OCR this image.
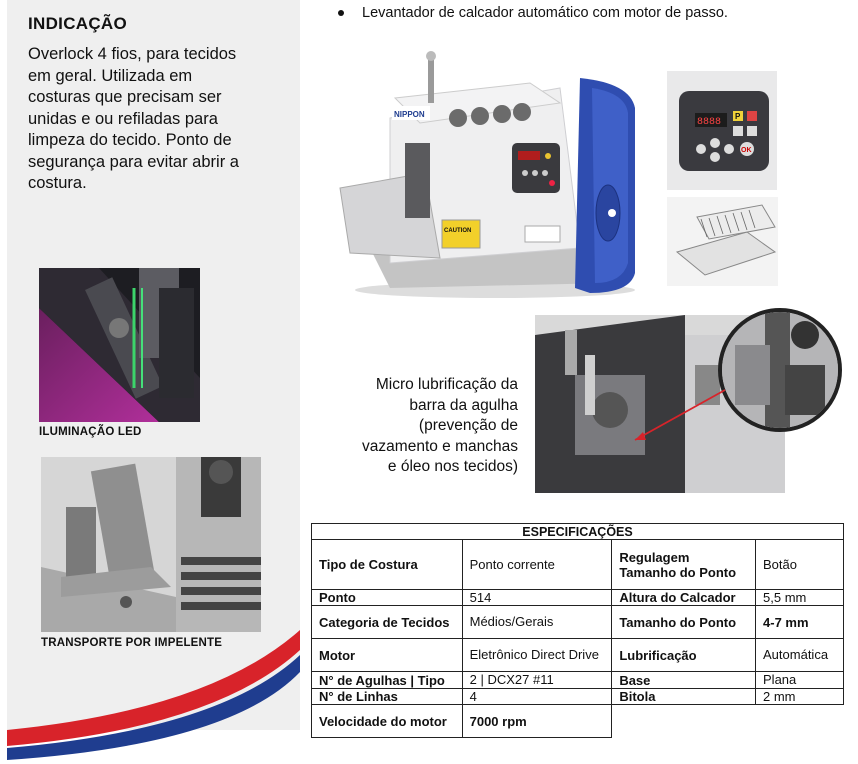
INDICAÇÃO
Overlock 4 fios, para tecidos
em geral. Utilizada em
costuras que precisam ser
unidas e ou refiladas para
limpeza do tecido. Ponto de
segurança para evitar abrir a
costura.
ILUMINAÇÃO LED
TRANSPORTE POR IMPELENTE
Levantador de calcador automático com motor de passo.
NIPPON
CAUTION
8888
P
OK
Micro lubrificação da
barra da agulha
(prevenção de
vazamento e manchas
e óleo nos tecidos)
ESPECIFICAÇÕES			
Tipo de Costura	Ponto corrente	Regulagem Tamanho do Ponto	Botão
Ponto	514	Altura do Calcador	5,5 mm
Categoria de Tecidos	Médios/Gerais	Tamanho do Ponto	4-7 mm
Motor	Eletrônico Direct Drive	Lubrificação	Automática
N° de Agulhas | Tipo	2 | DCX27 #11	Base	Plana
N° de Linhas	4	Bitola	2 mm
Velocidade do motor	7000 rpm		
